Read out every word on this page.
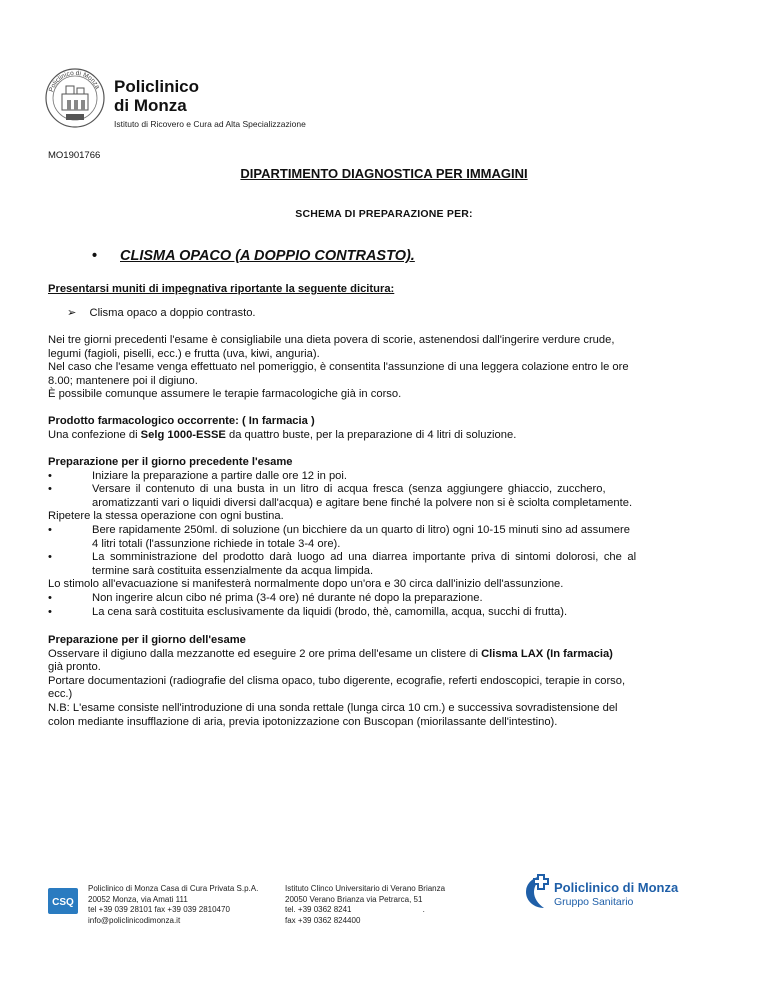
Policlinico di Monza Policlinico
di Monza
Istituto di Ricovero e Cura ad Alta Specializzazione
MO1901766
DIPARTIMENTO DIAGNOSTICA PER IMMAGINI
SCHEMA DI PREPARAZIONE PER:
• CLISMA OPACO (A DOPPIO CONTRASTO).
Presentarsi muniti di impegnativa riportante la seguente dicitura:
➢ Clisma opaco a doppio contrasto.
Nei tre giorni precedenti l'esame è consigliabile una dieta povera di scorie, astenendosi dall'ingerire verdure crude,
legumi (fagioli, piselli, ecc.) e frutta (uva, kiwi, anguria).
Nel caso che l'esame venga effettuato nel pomeriggio, è consentita l'assunzione di una leggera colazione entro le ore
8.00; mantenere poi il digiuno.
È possibile comunque assumere le terapie farmacologiche già in corso.
Prodotto farmacologico occorrente: ( In farmacia )
Una confezione di Selg 1000-ESSE da quattro buste, per la preparazione di 4 litri di soluzione.
Preparazione per il giorno precedente l'esame
•	Iniziare la preparazione a partire dalle ore 12 in poi.
•	Versare il contenuto di una busta in un litro di acqua fresca (senza aggiungere ghiaccio, zucchero,
aromatizzanti vari o liquidi diversi dall'acqua) e agitare bene finché la polvere non si è sciolta completamente.
Ripetere la stessa operazione con ogni bustina.
•	Bere rapidamente 250ml. di soluzione (un bicchiere da un quarto di litro) ogni 10-15 minuti sino ad assumere
4 litri totali (l'assunzione richiede in totale 3-4 ore).
•	La somministrazione del prodotto darà luogo ad una diarrea importante priva di sintomi dolorosi, che al
termine sarà costituita essenzialmente da acqua limpida.
Lo stimolo all'evacuazione si manifesterà normalmente dopo un'ora e 30 circa dall'inizio dell'assunzione.
•	Non ingerire alcun cibo né prima (3-4 ore) né durante né dopo la preparazione.
•	La cena sarà costituita esclusivamente da liquidi (brodo, thè, camomilla, acqua, succhi di frutta).
Preparazione per il giorno dell'esame
Osservare il digiuno dalla mezzanotte ed eseguire 2 ore prima dell'esame un clistere di Clisma LAX (In farmacia)
già pronto.
Portare documentazioni (radiografie del clisma opaco, tubo digerente, ecografie, referti endoscopici, terapie in corso,
ecc.)
N.B: L'esame consiste nell'introduzione di una sonda rettale (lunga circa 10 cm.) e successiva sovradistensione del
colon mediante insufflazione di aria, previa ipotonizzazione con Buscopan (miorilassante dell'intestino).
CSQ
Policlinico di Monza Casa di Cura Privata S.p.A.
20052 Monza, via Amati 111
tel +39 039 28101 fax +39 039 2810470
info@policlinicodimonza.it
Istituto Clinco Universitario di Verano Brianza
20050 Verano Brianza via Petrarca, 51
tel. +39 0362 8241                                .
fax +39 0362 824400
Policlinico di Monza
Gruppo Sanitario
